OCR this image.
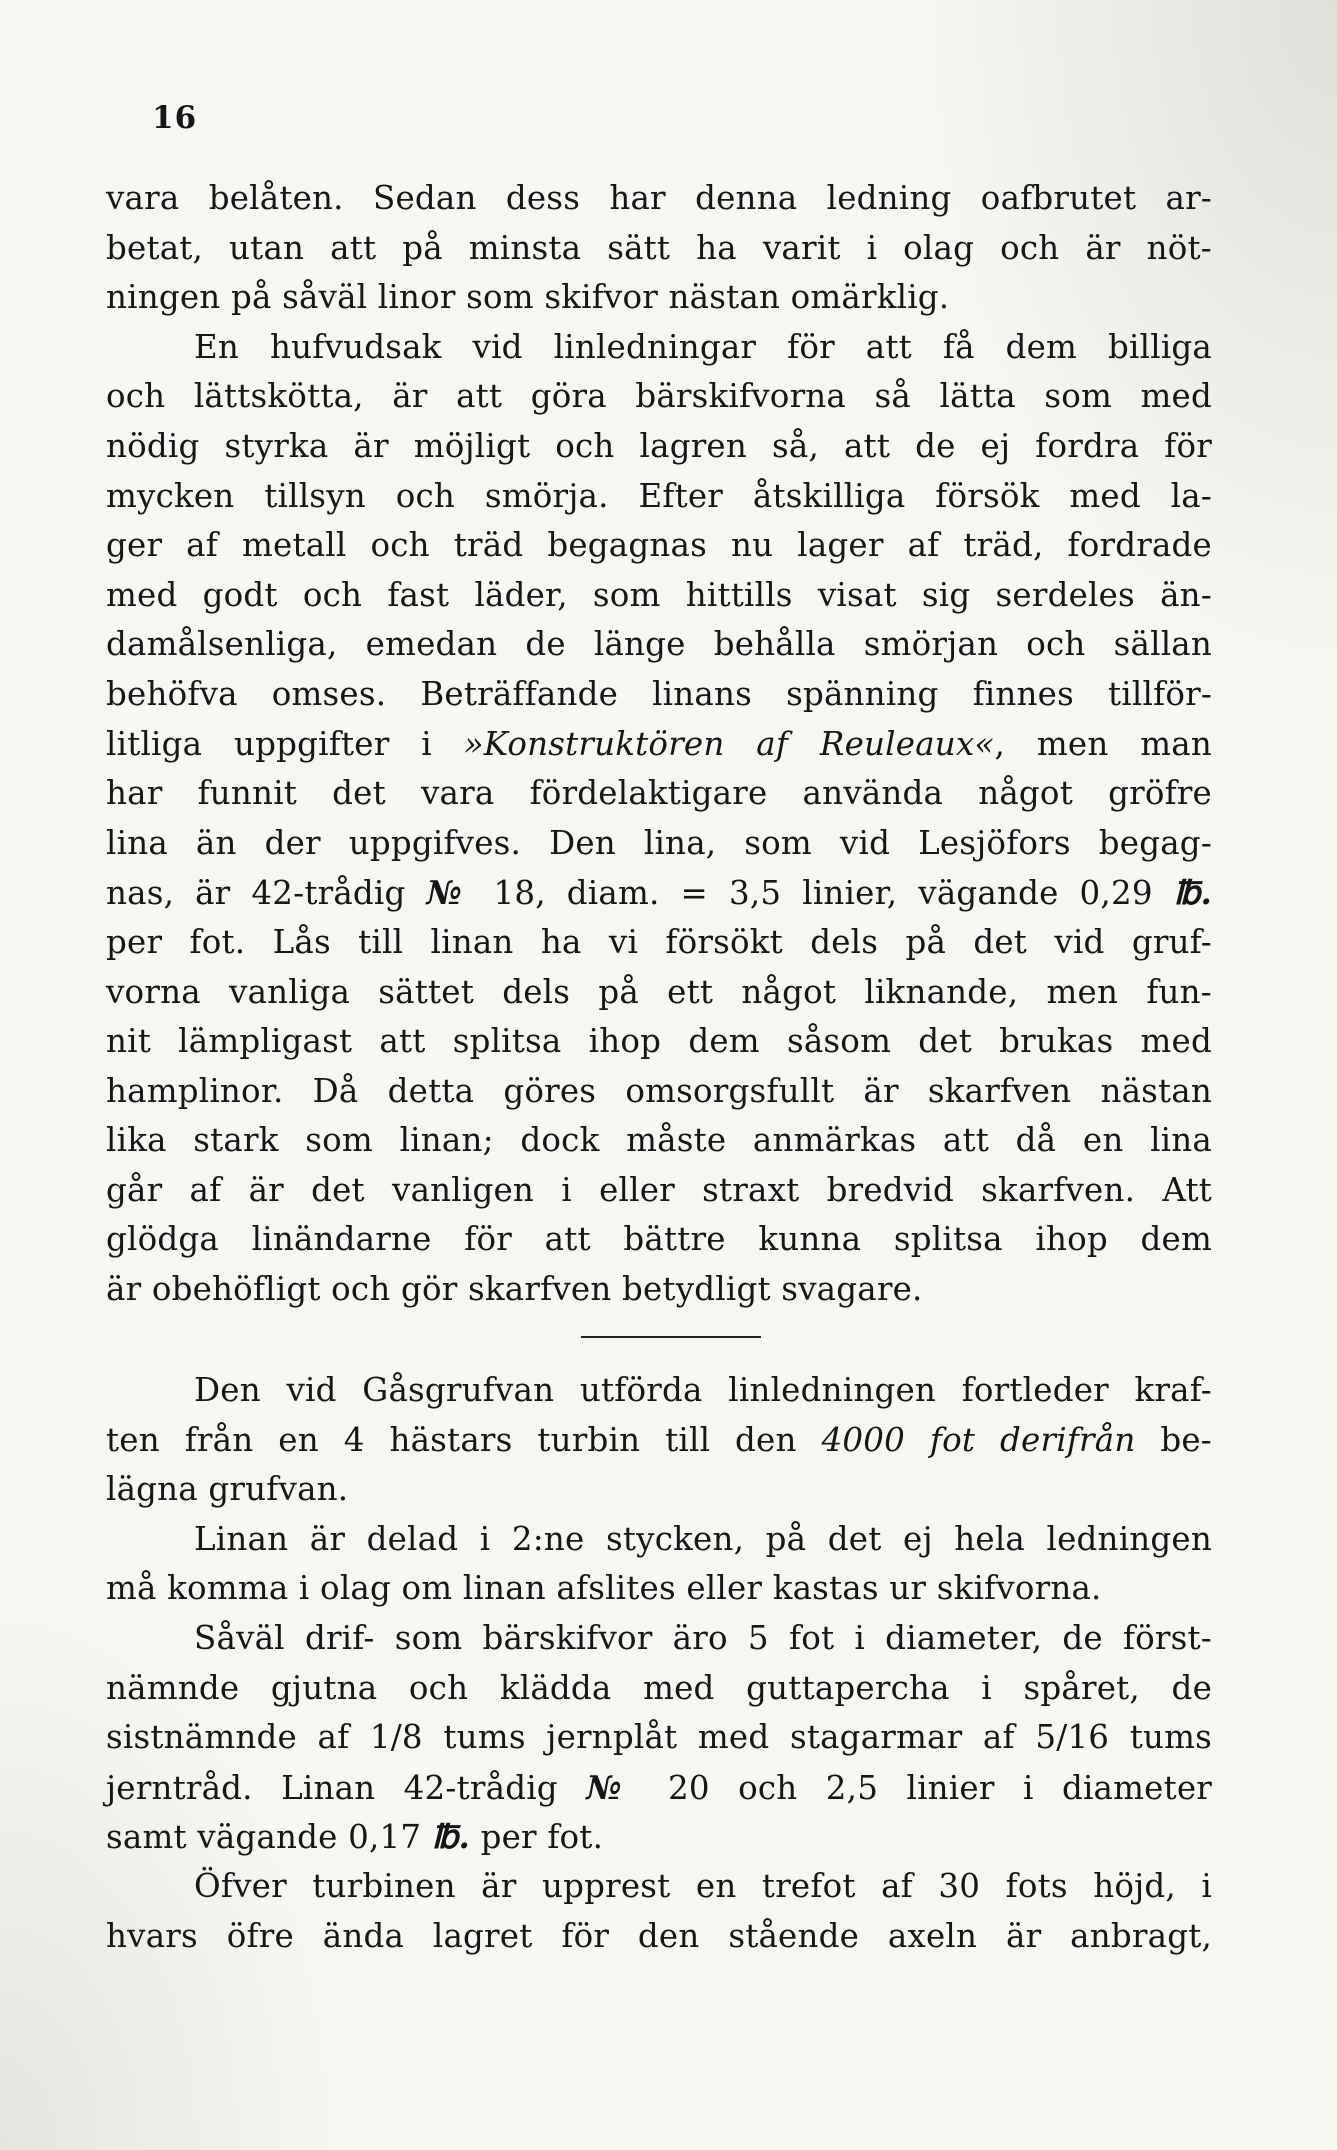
16
vara belåten. Sedan dess har denna ledning oafbrutet ar-
betat, utan att på minsta sätt ha varit i olag och är nöt-
ningen på såväl linor som skifvor nästan omärklig.
En hufvudsak vid linledningar för att få dem billiga
och lättskötta, är att göra bärskifvorna så lätta som med
nödig styrka är möjligt och lagren så, att de ej fordra för
mycken tillsyn och smörja. Efter åtskilliga försök med la-
ger af metall och träd begagnas nu lager af träd, fordrade
med godt och fast läder, som hittills visat sig serdeles än-
damålsenliga, emedan de länge behålla smörjan och sällan
behöfva omses. Beträffande linans spänning finnes tillför-
litliga uppgifter i »Konstruktören af Reuleaux«, men man
har funnit det vara fördelaktigare använda något gröfre
lina än der uppgifves. Den lina, som vid Lesjöfors begag-
nas, är 42-trådig № 18, diam. = 3,5 linier, vägande 0,29 ℔.
per fot. Lås till linan ha vi försökt dels på det vid gruf-
vorna vanliga sättet dels på ett något liknande, men fun-
nit lämpligast att splitsa ihop dem såsom det brukas med
hamplinor. Då detta göres omsorgsfullt är skarfven nästan
lika stark som linan; dock måste anmärkas att då en lina
går af är det vanligen i eller straxt bredvid skarfven. Att
glödga linändarne för att bättre kunna splitsa ihop dem
är obehöfligt och gör skarfven betydligt svagare.
Den vid Gåsgrufvan utförda linledningen fortleder kraf-
ten från en 4 hästars turbin till den 4000 fot derifrån be-
lägna grufvan.
Linan är delad i 2:ne stycken, på det ej hela ledningen
må komma i olag om linan afslites eller kastas ur skifvorna.
Såväl drif- som bärskifvor äro 5 fot i diameter, de först-
nämnde gjutna och klädda med guttapercha i spåret, de
sistnämnde af 1/8 tums jernplåt med stagarmar af 5/16 tums
jerntråd. Linan 42-trådig № 20 och 2,5 linier i diameter
samt vägande 0,17 ℔. per fot.
Öfver turbinen är upprest en trefot af 30 fots höjd, i
hvars öfre ända lagret för den stående axeln är anbragt,
